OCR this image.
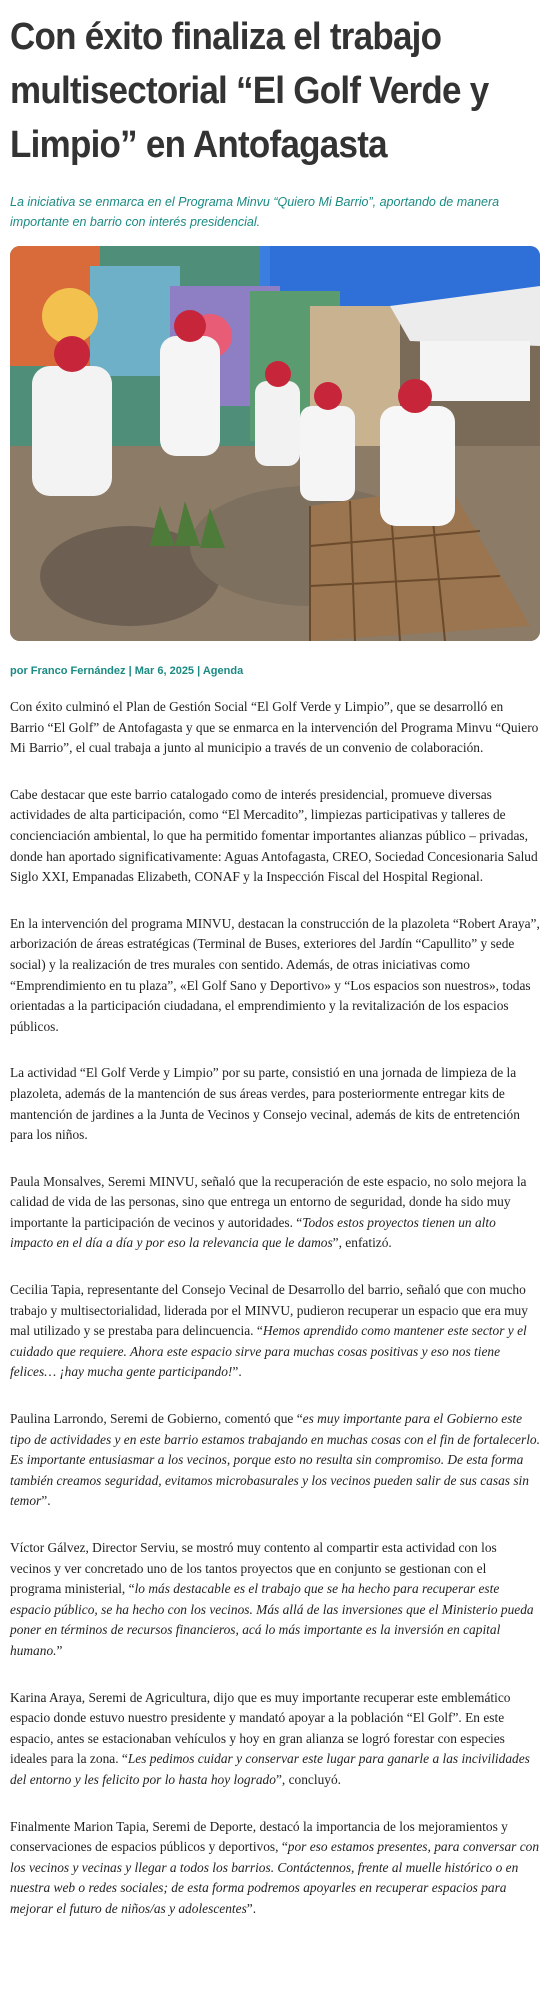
Con éxito finaliza el trabajo multisectorial “El Golf Verde y Limpio” en Antofagasta

La iniciativa se enmarca en el Programa Minvu “Quiero Mi Barrio”, aportando de manera importante en barrio con interés presidencial.

por Franco Fernández | Mar 6, 2025 | Agenda

Con éxito culminó el Plan de Gestión Social “El Golf Verde y Limpio”, que se desarrolló en Barrio “El Golf” de Antofagasta y que se enmarca en la intervención del Programa Minvu “Quiero Mi Barrio”, el cual trabaja a junto al municipio a través de un convenio de colaboración.

Cabe destacar que este barrio catalogado como de interés presidencial, promueve diversas actividades de alta participación, como “El Mercadito”, limpiezas participativas y talleres de concienciación ambiental, lo que ha permitido fomentar importantes alianzas público – privadas, donde han aportado significativamente: Aguas Antofagasta, CREO, Sociedad Concesionaria Salud Siglo XXI, Empanadas Elizabeth, CONAF y la Inspección Fiscal del Hospital Regional.

En la intervención del programa MINVU, destacan la construcción de la plazoleta “Robert Araya”, arborización de áreas estratégicas (Terminal de Buses, exteriores del Jardín “Capullito” y sede social) y la realización de tres murales con sentido. Además, de otras iniciativas como “Emprendimiento en tu plaza”, «El Golf Sano y Deportivo» y “Los espacios son nuestros», todas orientadas a la participación ciudadana, el emprendimiento y la revitalización de los espacios públicos.

La actividad “El Golf Verde y Limpio” por su parte, consistió en una jornada de limpieza de la plazoleta, además de la mantención de sus áreas verdes, para posteriormente entregar kits de mantención de jardines a la Junta de Vecinos y Consejo vecinal, además de kits de entretención para los niños.

Paula Monsalves, Seremi MINVU, señaló que la recuperación de este espacio, no solo mejora la calidad de vida de las personas, sino que entrega un entorno de seguridad, donde ha sido muy importante la participación de vecinos y autoridades. “Todos estos proyectos tienen un alto impacto en el día a día y por eso la relevancia que le damos”, enfatizó.

Cecilia Tapia, representante del Consejo Vecinal de Desarrollo del barrio, señaló que con mucho trabajo y multisectorialidad, liderada por el MINVU, pudieron recuperar un espacio que era muy mal utilizado y se prestaba para delincuencia. “Hemos aprendido como mantener este sector y el cuidado que requiere. Ahora este espacio sirve para muchas cosas positivas y eso nos tiene felices… ¡hay mucha gente participando!”.

Paulina Larrondo, Seremi de Gobierno, comentó que “es muy importante para el Gobierno este tipo de actividades y en este barrio estamos trabajando en muchas cosas con el fin de fortalecerlo. Es importante entusiasmar a los vecinos, porque esto no resulta sin compromiso. De esta forma también creamos seguridad, evitamos microbasurales y los vecinos pueden salir de sus casas sin temor”.

Víctor Gálvez, Director Serviu, se mostró muy contento al compartir esta actividad con los vecinos y ver concretado uno de los tantos proyectos que en conjunto se gestionan con el programa ministerial, “lo más destacable es el trabajo que se ha hecho para recuperar este espacio público, se ha hecho con los vecinos. Más allá de las inversiones que el Ministerio pueda poner en términos de recursos financieros, acá lo más importante es la inversión en capital humano.”

Karina Araya, Seremi de Agricultura, dijo que es muy importante recuperar este emblemático espacio donde estuvo nuestro presidente y mandató apoyar a la población “El Golf”. En este espacio, antes se estacionaban vehículos y hoy en gran alianza se logró forestar con especies ideales para la zona. “Les pedimos cuidar y conservar este lugar para ganarle a las incivilidades del entorno y les felicito por lo hasta hoy logrado”, concluyó.

Finalmente Marion Tapia, Seremi de Deporte, destacó la importancia de los mejoramientos y conservaciones de espacios públicos y deportivos, “por eso estamos presentes, para conversar con los vecinos y vecinas y llegar a todos los barrios. Contáctennos, frente al muelle histórico o en nuestra web o redes sociales; de esta forma podremos apoyarles en recuperar espacios para mejorar el futuro de niños/as y adolescentes”.
